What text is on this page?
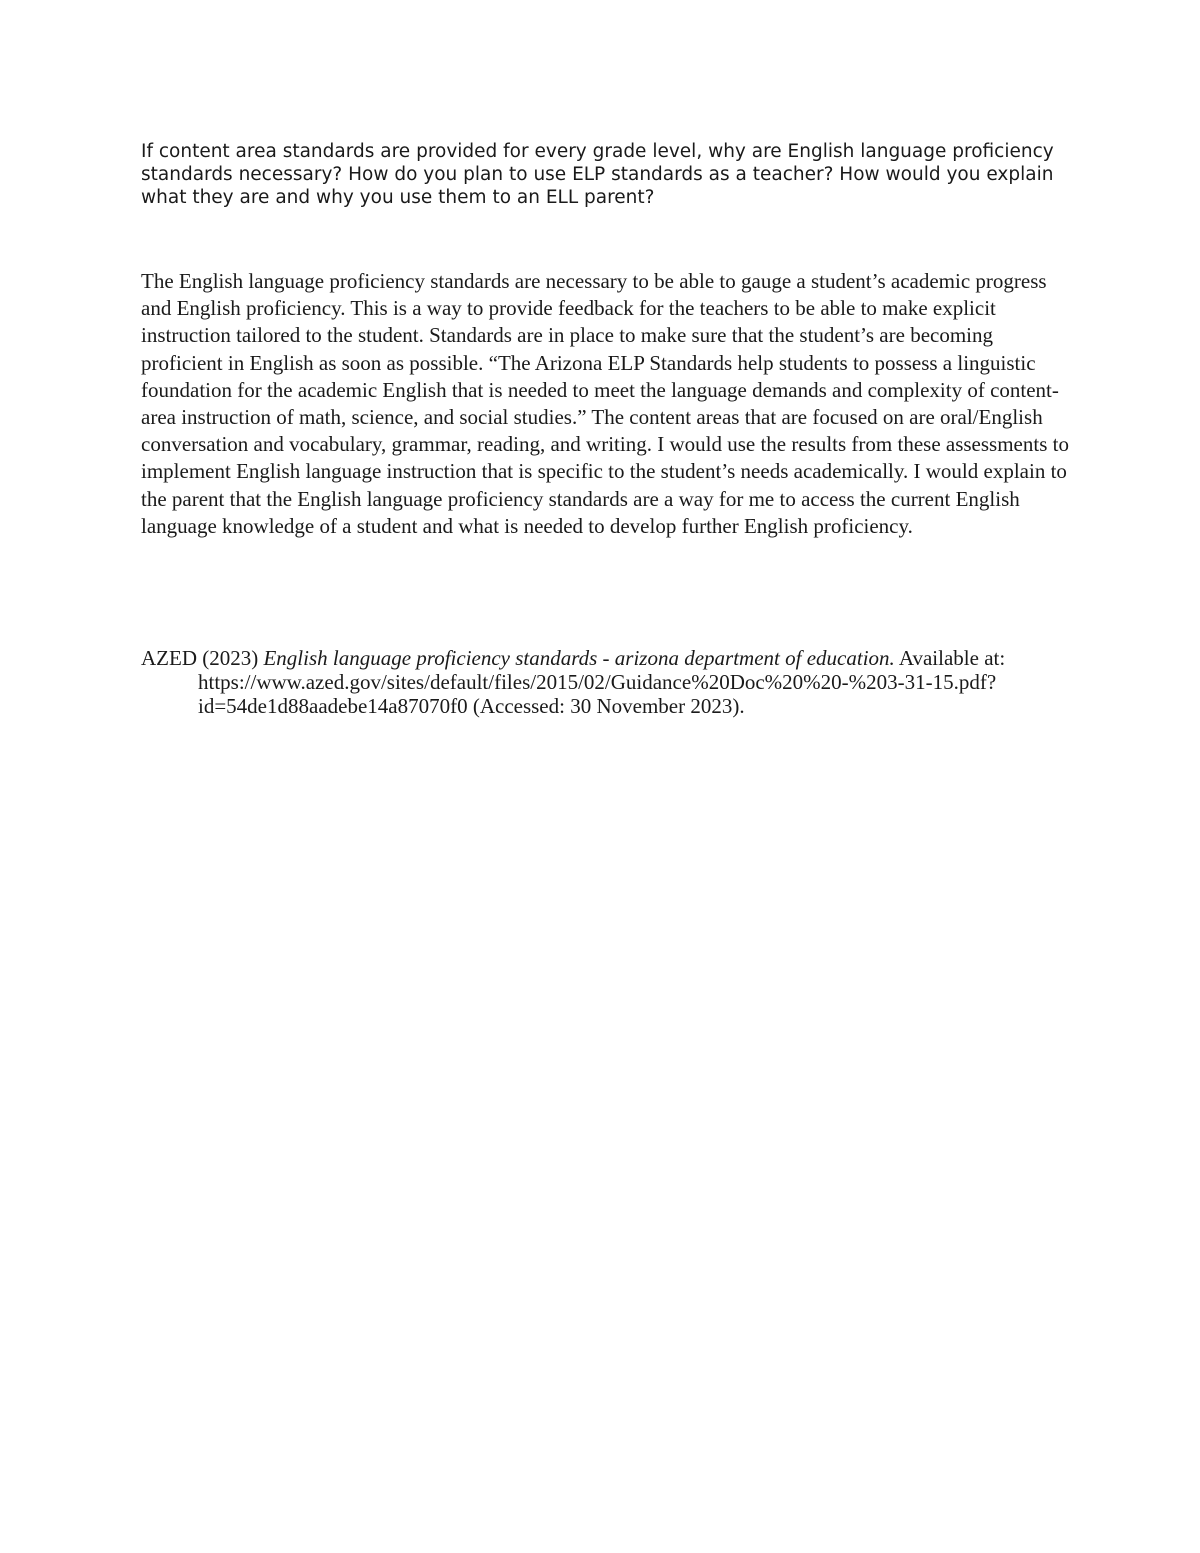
If content area standards are provided for every grade level, why are English language proficiency standards necessary? How do you plan to use ELP standards as a teacher? How would you explain what they are and why you use them to an ELL parent?

The English language proficiency standards are necessary to be able to gauge a student’s academic progress and English proficiency. This is a way to provide feedback for the teachers to be able to make explicit instruction tailored to the student. Standards are in place to make sure that the student’s are becoming proficient in English as soon as possible. “The Arizona ELP Standards help students to possess a linguistic foundation for the academic English that is needed to meet the language demands and complexity of content-area instruction of math, science, and social studies.” The content areas that are focused on are oral/English conversation and vocabulary, grammar, reading, and writing. I would use the results from these assessments to implement English language instruction that is specific to the student’s needs academically. I would explain to the parent that the English language proficiency standards are a way for me to access the current English language knowledge of a student and what is needed to develop further English proficiency.

AZED (2023) English language proficiency standards - arizona department of education. Available at: https://www.azed.gov/sites/default/files/2015/02/Guidance%20Doc%20%20-%203-31-15.pdf?id=54de1d88aadebe14a87070f0 (Accessed: 30 November 2023).
